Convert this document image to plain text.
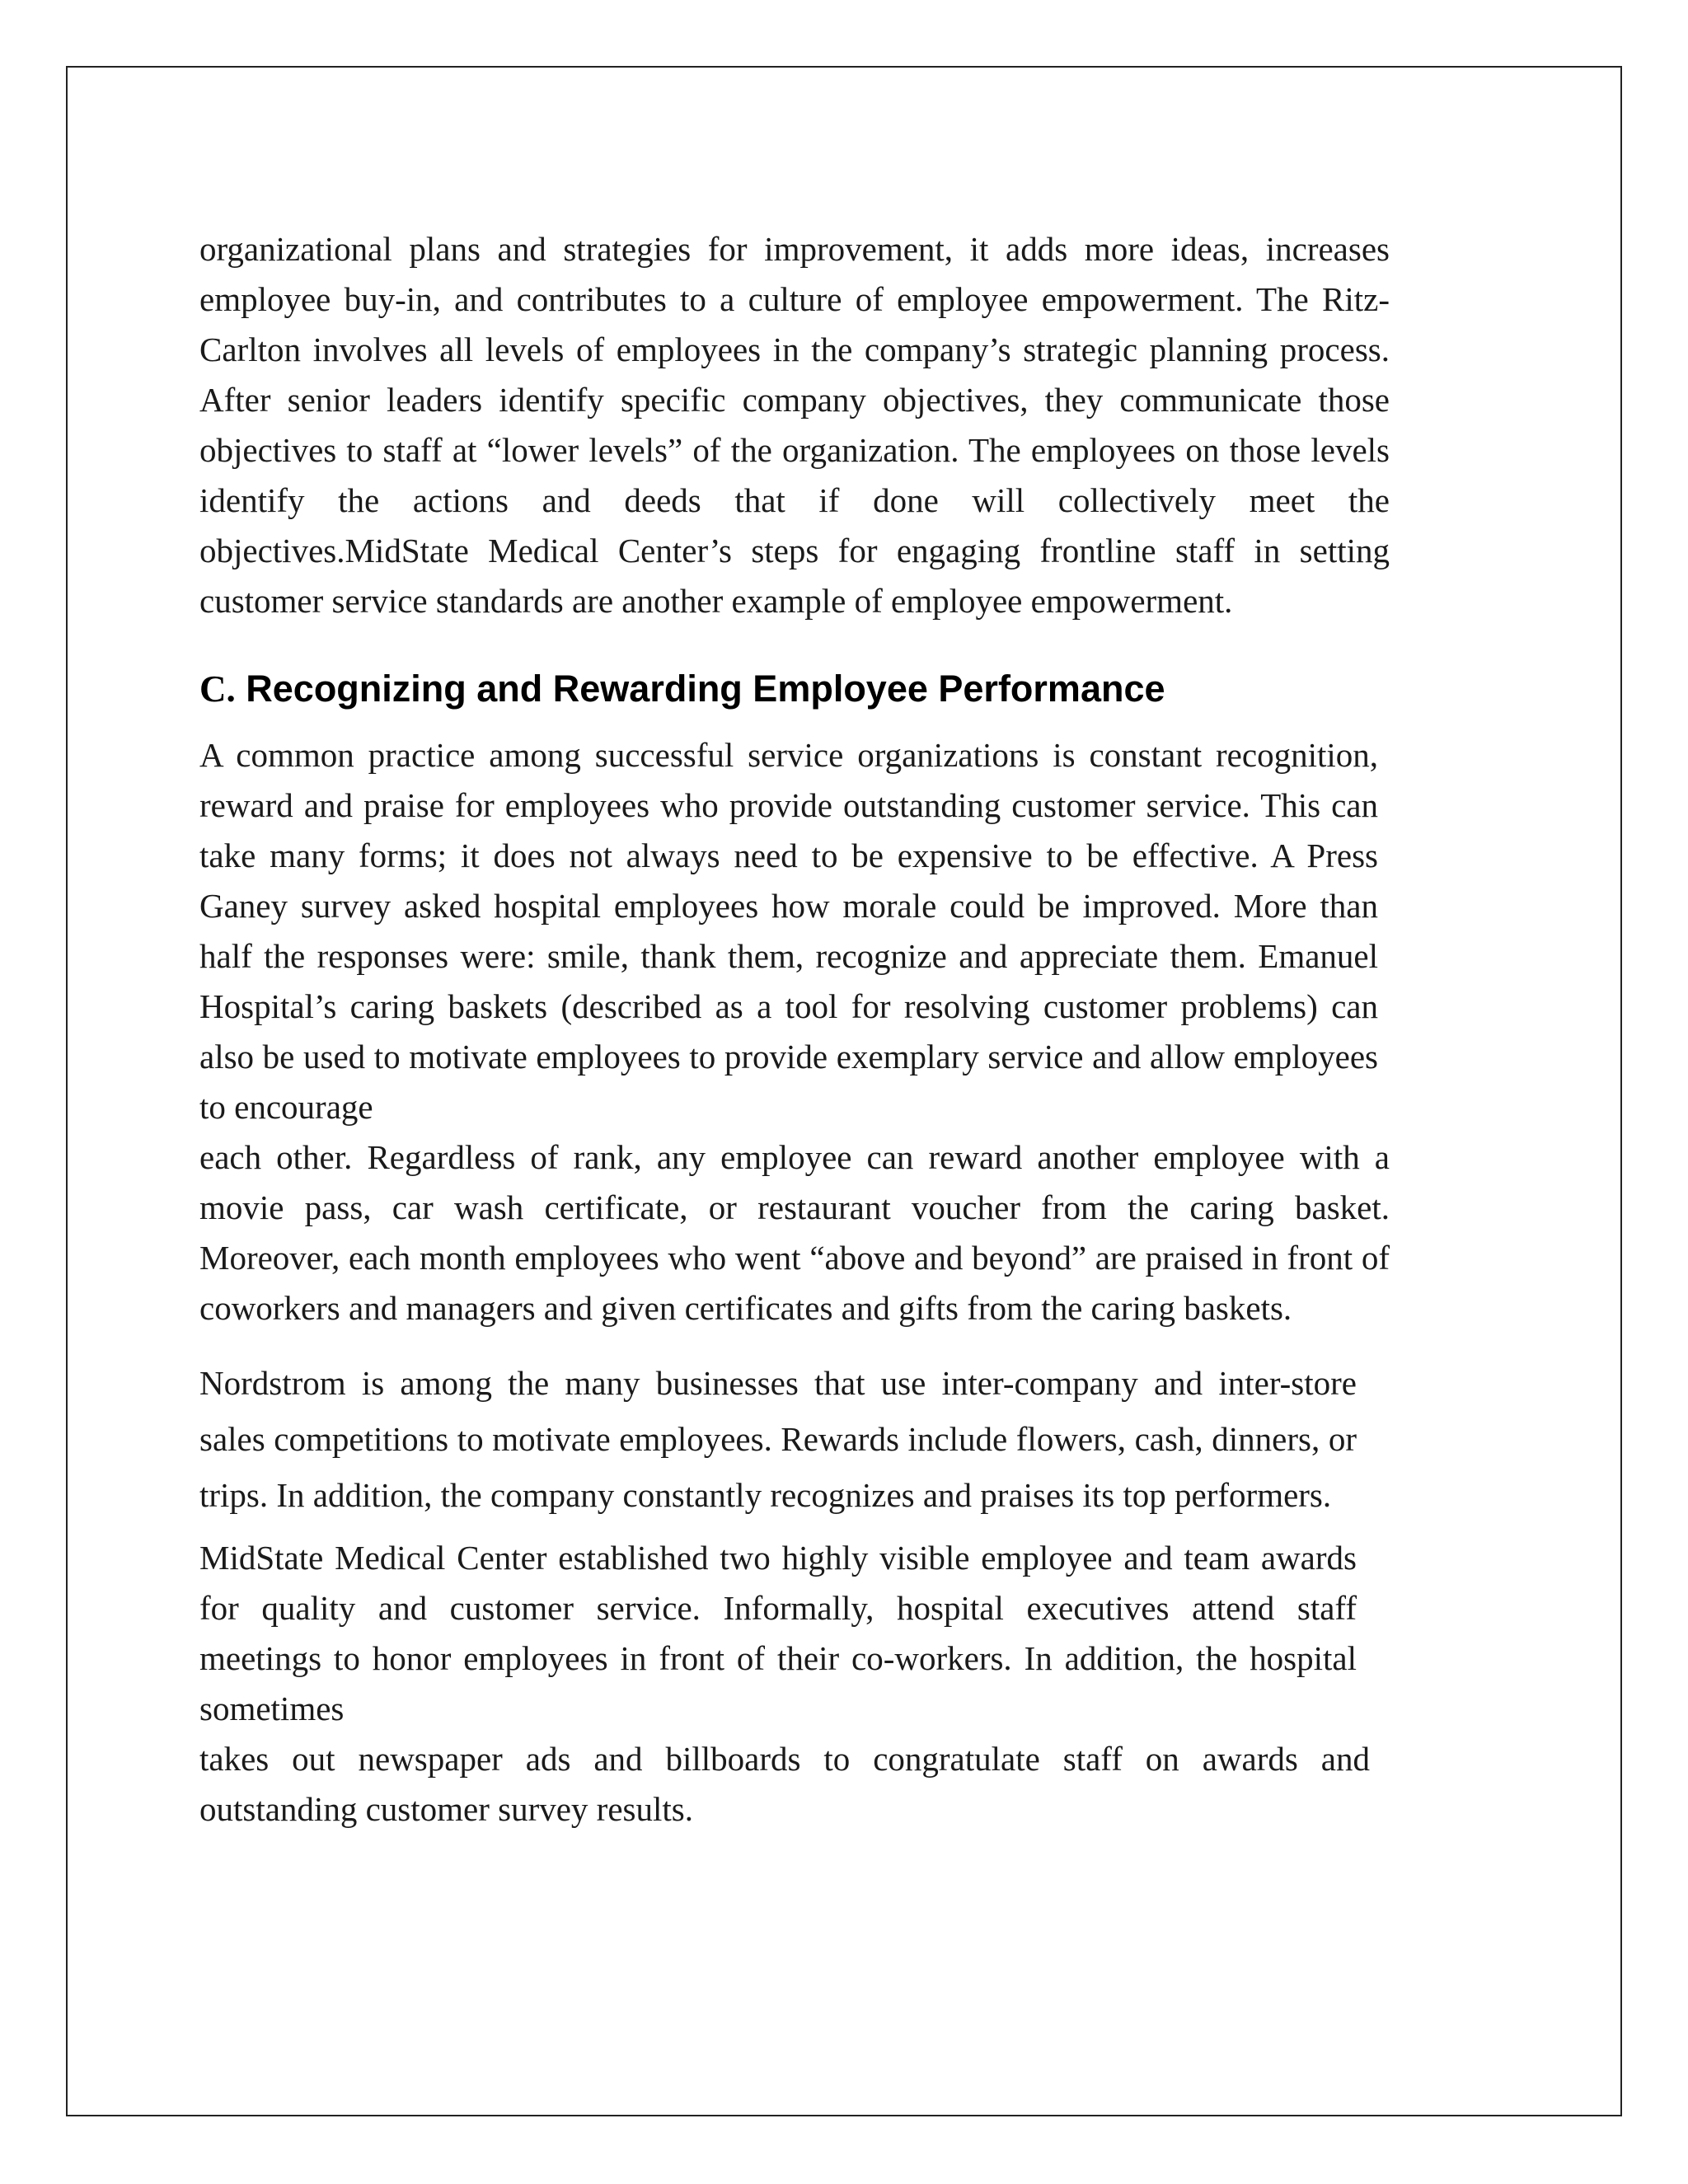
organizational plans and strategies for improvement, it adds more ideas, increases employee buy-in, and contributes to a culture of employee empowerment. The Ritz-Carlton involves all levels of employees in the company’s strategic planning process. After senior leaders identify specific company objectives, they communicate those objectives to staff at “lower levels” of the organization. The employees on those levels identify the actions and deeds that if done will collectively meet the objectives.MidState Medical Center’s steps for engaging frontline staff in setting customer service standards are another example of employee empowerment.

C. Recognizing and Rewarding Employee Performance

A common practice among successful service organizations is constant recognition, reward and praise for employees who provide outstanding customer service. This can take many forms; it does not always need to be expensive to be effective. A Press Ganey survey asked hospital employees how morale could be improved. More than half the responses were: smile, thank them, recognize and appreciate them. Emanuel Hospital’s caring baskets (described as a tool for resolving customer problems) can also be used to motivate employees to provide exemplary service and allow employees to encourage

each other. Regardless of rank, any employee can reward another employee with a movie pass, car wash certificate, or restaurant voucher from the caring basket. Moreover, each month employees who went “above and beyond” are praised in front of coworkers and managers and given certificates and gifts from the caring baskets.

Nordstrom is among the many businesses that use inter-company and inter-store sales competitions to motivate employees. Rewards include flowers, cash, dinners, or trips. In addition, the company constantly recognizes and praises its top performers.

MidState Medical Center established two highly visible employee and team awards for quality and customer service. Informally, hospital executives attend staff meetings to honor employees in front of their co-workers. In addition, the hospital sometimes

takes out newspaper ads and billboards to congratulate staff on awards and outstanding customer survey results.
